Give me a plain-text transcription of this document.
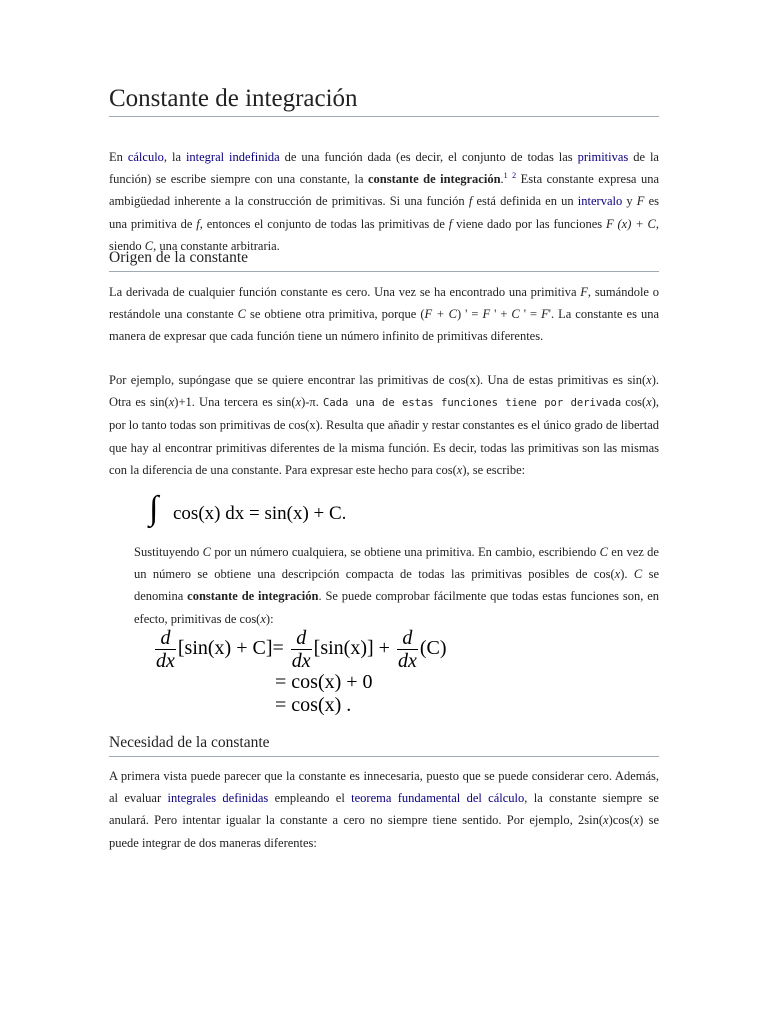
Constante de integración

En cálculo, la integral indefinida de una función dada (es decir, el conjunto de todas las primitivas de la función) se escribe siempre con una constante, la constante de integración.$^1$ $^2$ Esta constante expresa una ambigüedad inherente a la construcción de primitivas. Si una función f está definida en un intervalo y F es una primitiva de f, entonces el conjunto de todas las primitivas de f viene dado por las funciones F (x) + C, siendo C, una constante arbitraria.

Origen de la constante

La derivada de cualquier función constante es cero. Una vez se ha encontrado una primitiva F, sumándole o restándole una constante C se obtiene otra primitiva, porque (F + C) ' = F ' + C ' = F'. La constante es una manera de expresar que cada función tiene un número infinito de primitivas diferentes.

Por ejemplo, supóngase que se quiere encontrar las primitivas de cos(x). Una de estas primitivas es sin(x). Otra es sin(x)+1. Una tercera es sin(x)-π. Cada una de estas funciones tiene por derivada cos(x), por lo tanto todas son primitivas de cos(x). Resulta que añadir y restar constantes es el único grado de libertad que hay al encontrar primitivas diferentes de la misma función. Es decir, todas las primitivas son las mismas con la diferencia de una constante. Para expresar este hecho para cos(x), se escribe:

∫ cos(x) dx = sin(x) + C.

Sustituyendo C por un número cualquiera, se obtiene una primitiva. En cambio, escribiendo C en vez de un número se obtiene una descripción compacta de todas las primitivas posibles de cos(x). C se denomina constante de integración. Se puede comprobar fácilmente que todas estas funciones son, en efecto, primitivas de cos(x):

$\frac{d}{dx} [\sin(x) + C]= \frac{d}{dx} [\sin(x)] + \frac{d}{dx} (C)$
= cos(x) + 0
= cos(x) .
Necesidad de la constante

A primera vista puede parecer que la constante es innecesaria, puesto que se puede considerar cero. Además, al evaluar integrales definidas empleando el teorema fundamental del cálculo, la constante siempre se anulará. Pero intentar igualar la constante a cero no siempre tiene sentido. Por ejemplo, 2sin(x)cos(x) se puede integrar de dos maneras diferentes:
